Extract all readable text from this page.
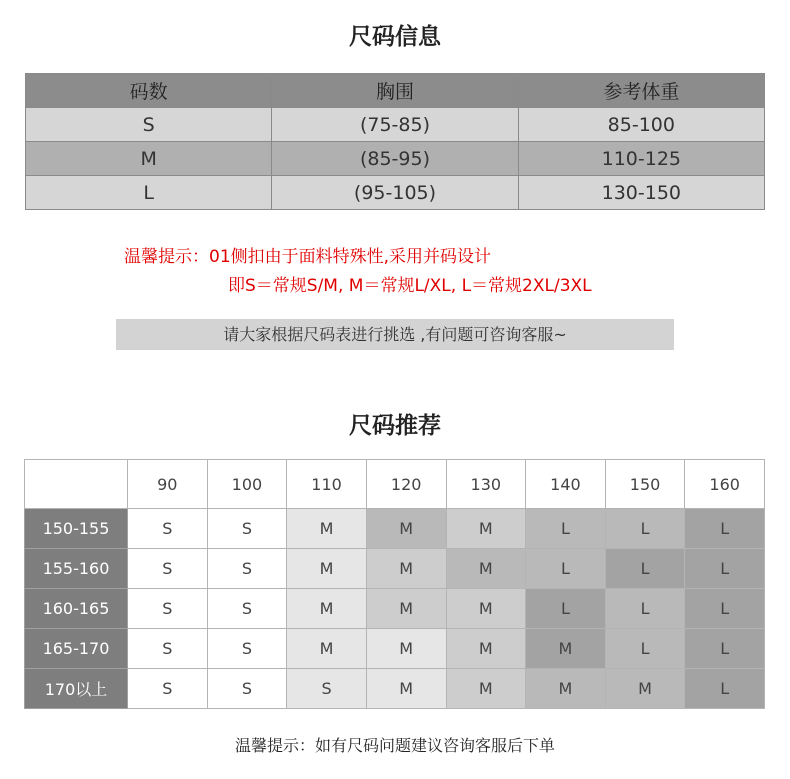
尺码信息
码数	胸围	参考体重
S	(75-85)	85-100
M	(85-95)	110-125
L	(95-105)	130-150
温馨提示：01侧扣由于面料特殊性,采用并码设计
即S＝常规S/M, M＝常规L/XL, L＝常规2XL/3XL
请大家根据尺码表进行挑选 ,有问题可咨询客服~
尺码推荐
体重(斤)
身高(cm)	90	100	110	120	130	140	150	160
150-155	S	S	M	M	M	L	L	L
155-160	S	S	M	M	M	L	L	L
160-165	S	S	M	M	M	L	L	L
165-170	S	S	M	M	M	M	L	L
170以上	S	S	S	M	M	M	M	L
温馨提示：如有尺码问题建议咨询客服后下单
